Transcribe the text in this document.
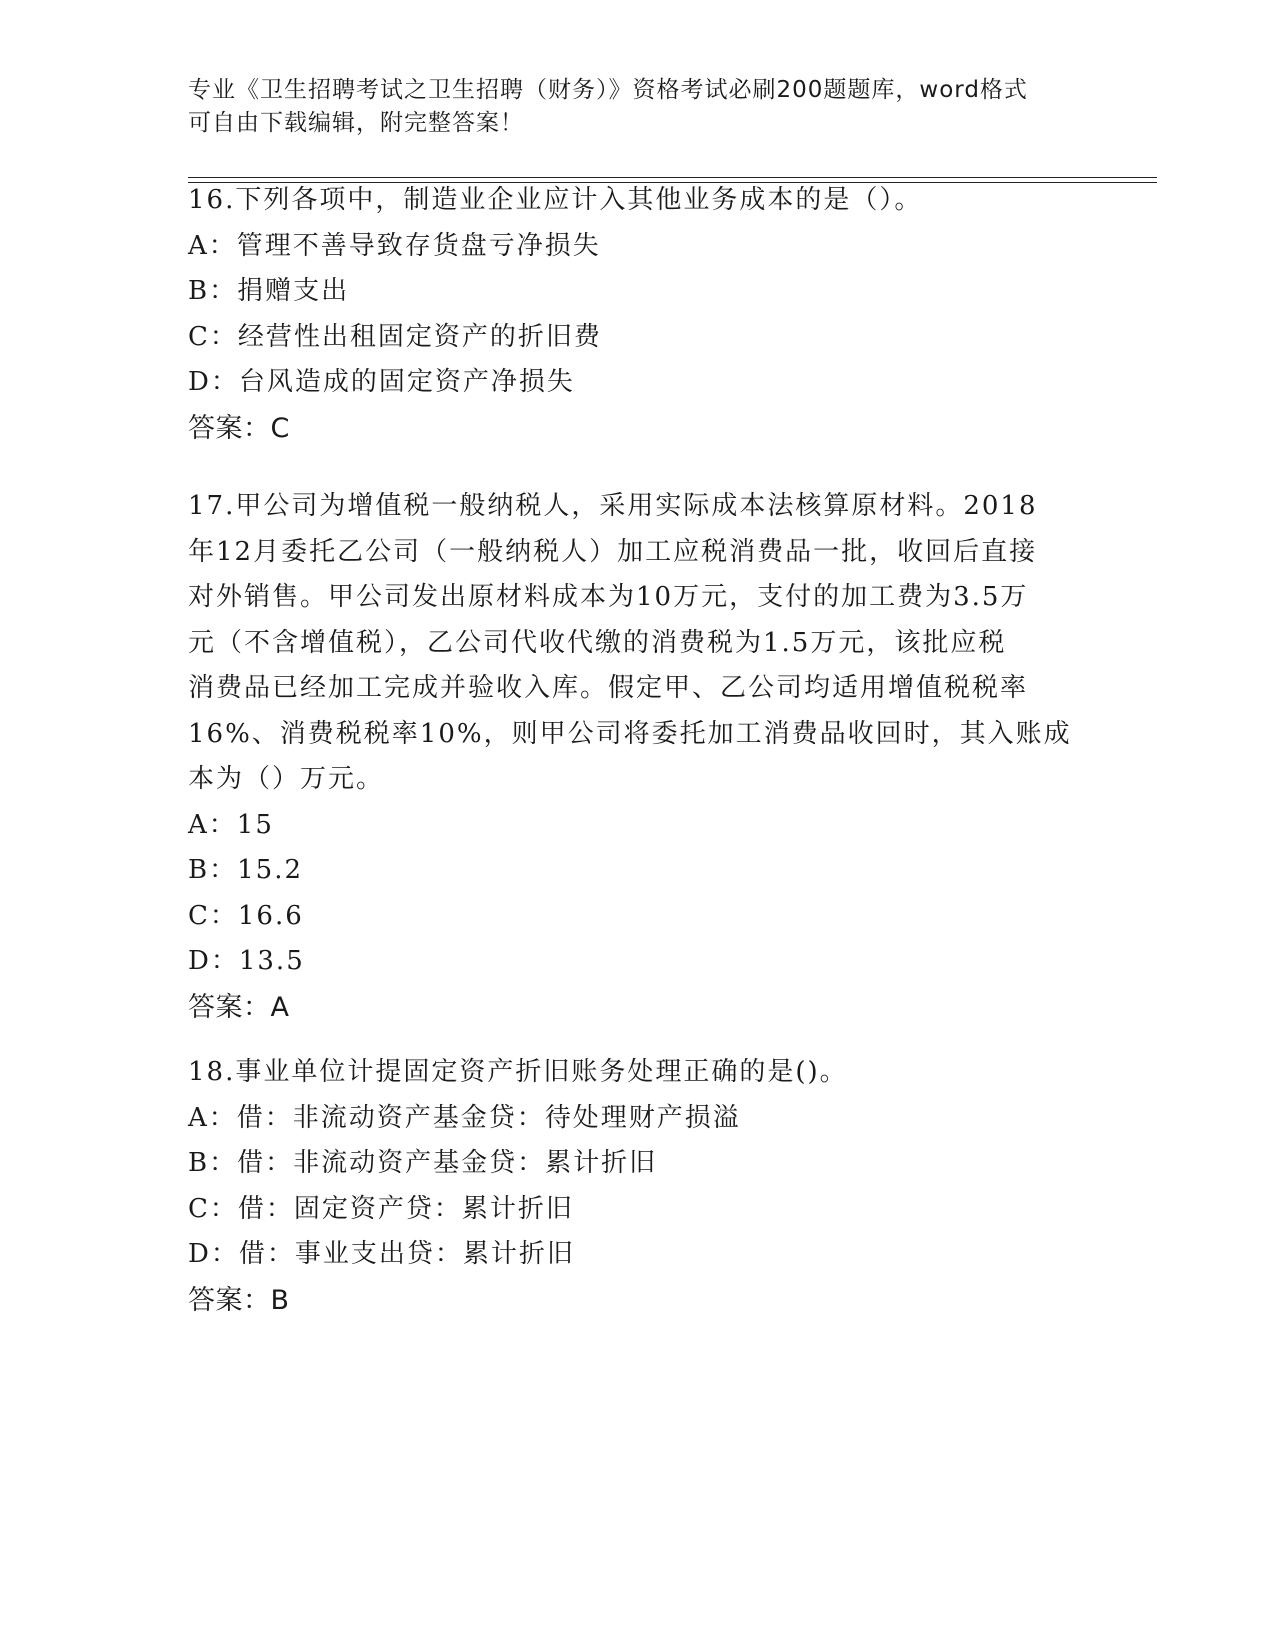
专业《卫生招聘考试之卫生招聘（财务）》资格考试必刷200题题库，word格式
可自由下载编辑，附完整答案！
16.下列各项中，制造业企业应计入其他业务成本的是（）。
A：管理不善导致存货盘亏净损失
B：捐赠支出
C：经营性出租固定资产的折旧费
D：台风造成的固定资产净损失
答案：C
17.甲公司为增值税一般纳税人，采用实际成本法核算原材料。2018
年12月委托乙公司（一般纳税人）加工应税消费品一批，收回后直接
对外销售。甲公司发出原材料成本为10万元，支付的加工费为3.5万
元（不含增值税），乙公司代收代缴的消费税为1.5万元，该批应税
消费品已经加工完成并验收入库。假定甲、乙公司均适用增值税税率
16%、消费税税率10%，则甲公司将委托加工消费品收回时，其入账成
本为（）万元。
A：15
B：15.2
C：16.6
D：13.5
答案：A
18.事业单位计提固定资产折旧账务处理正确的是()。
A：借：非流动资产基金贷：待处理财产损溢
B：借：非流动资产基金贷：累计折旧
C：借：固定资产贷：累计折旧
D：借：事业支出贷：累计折旧
答案：B
